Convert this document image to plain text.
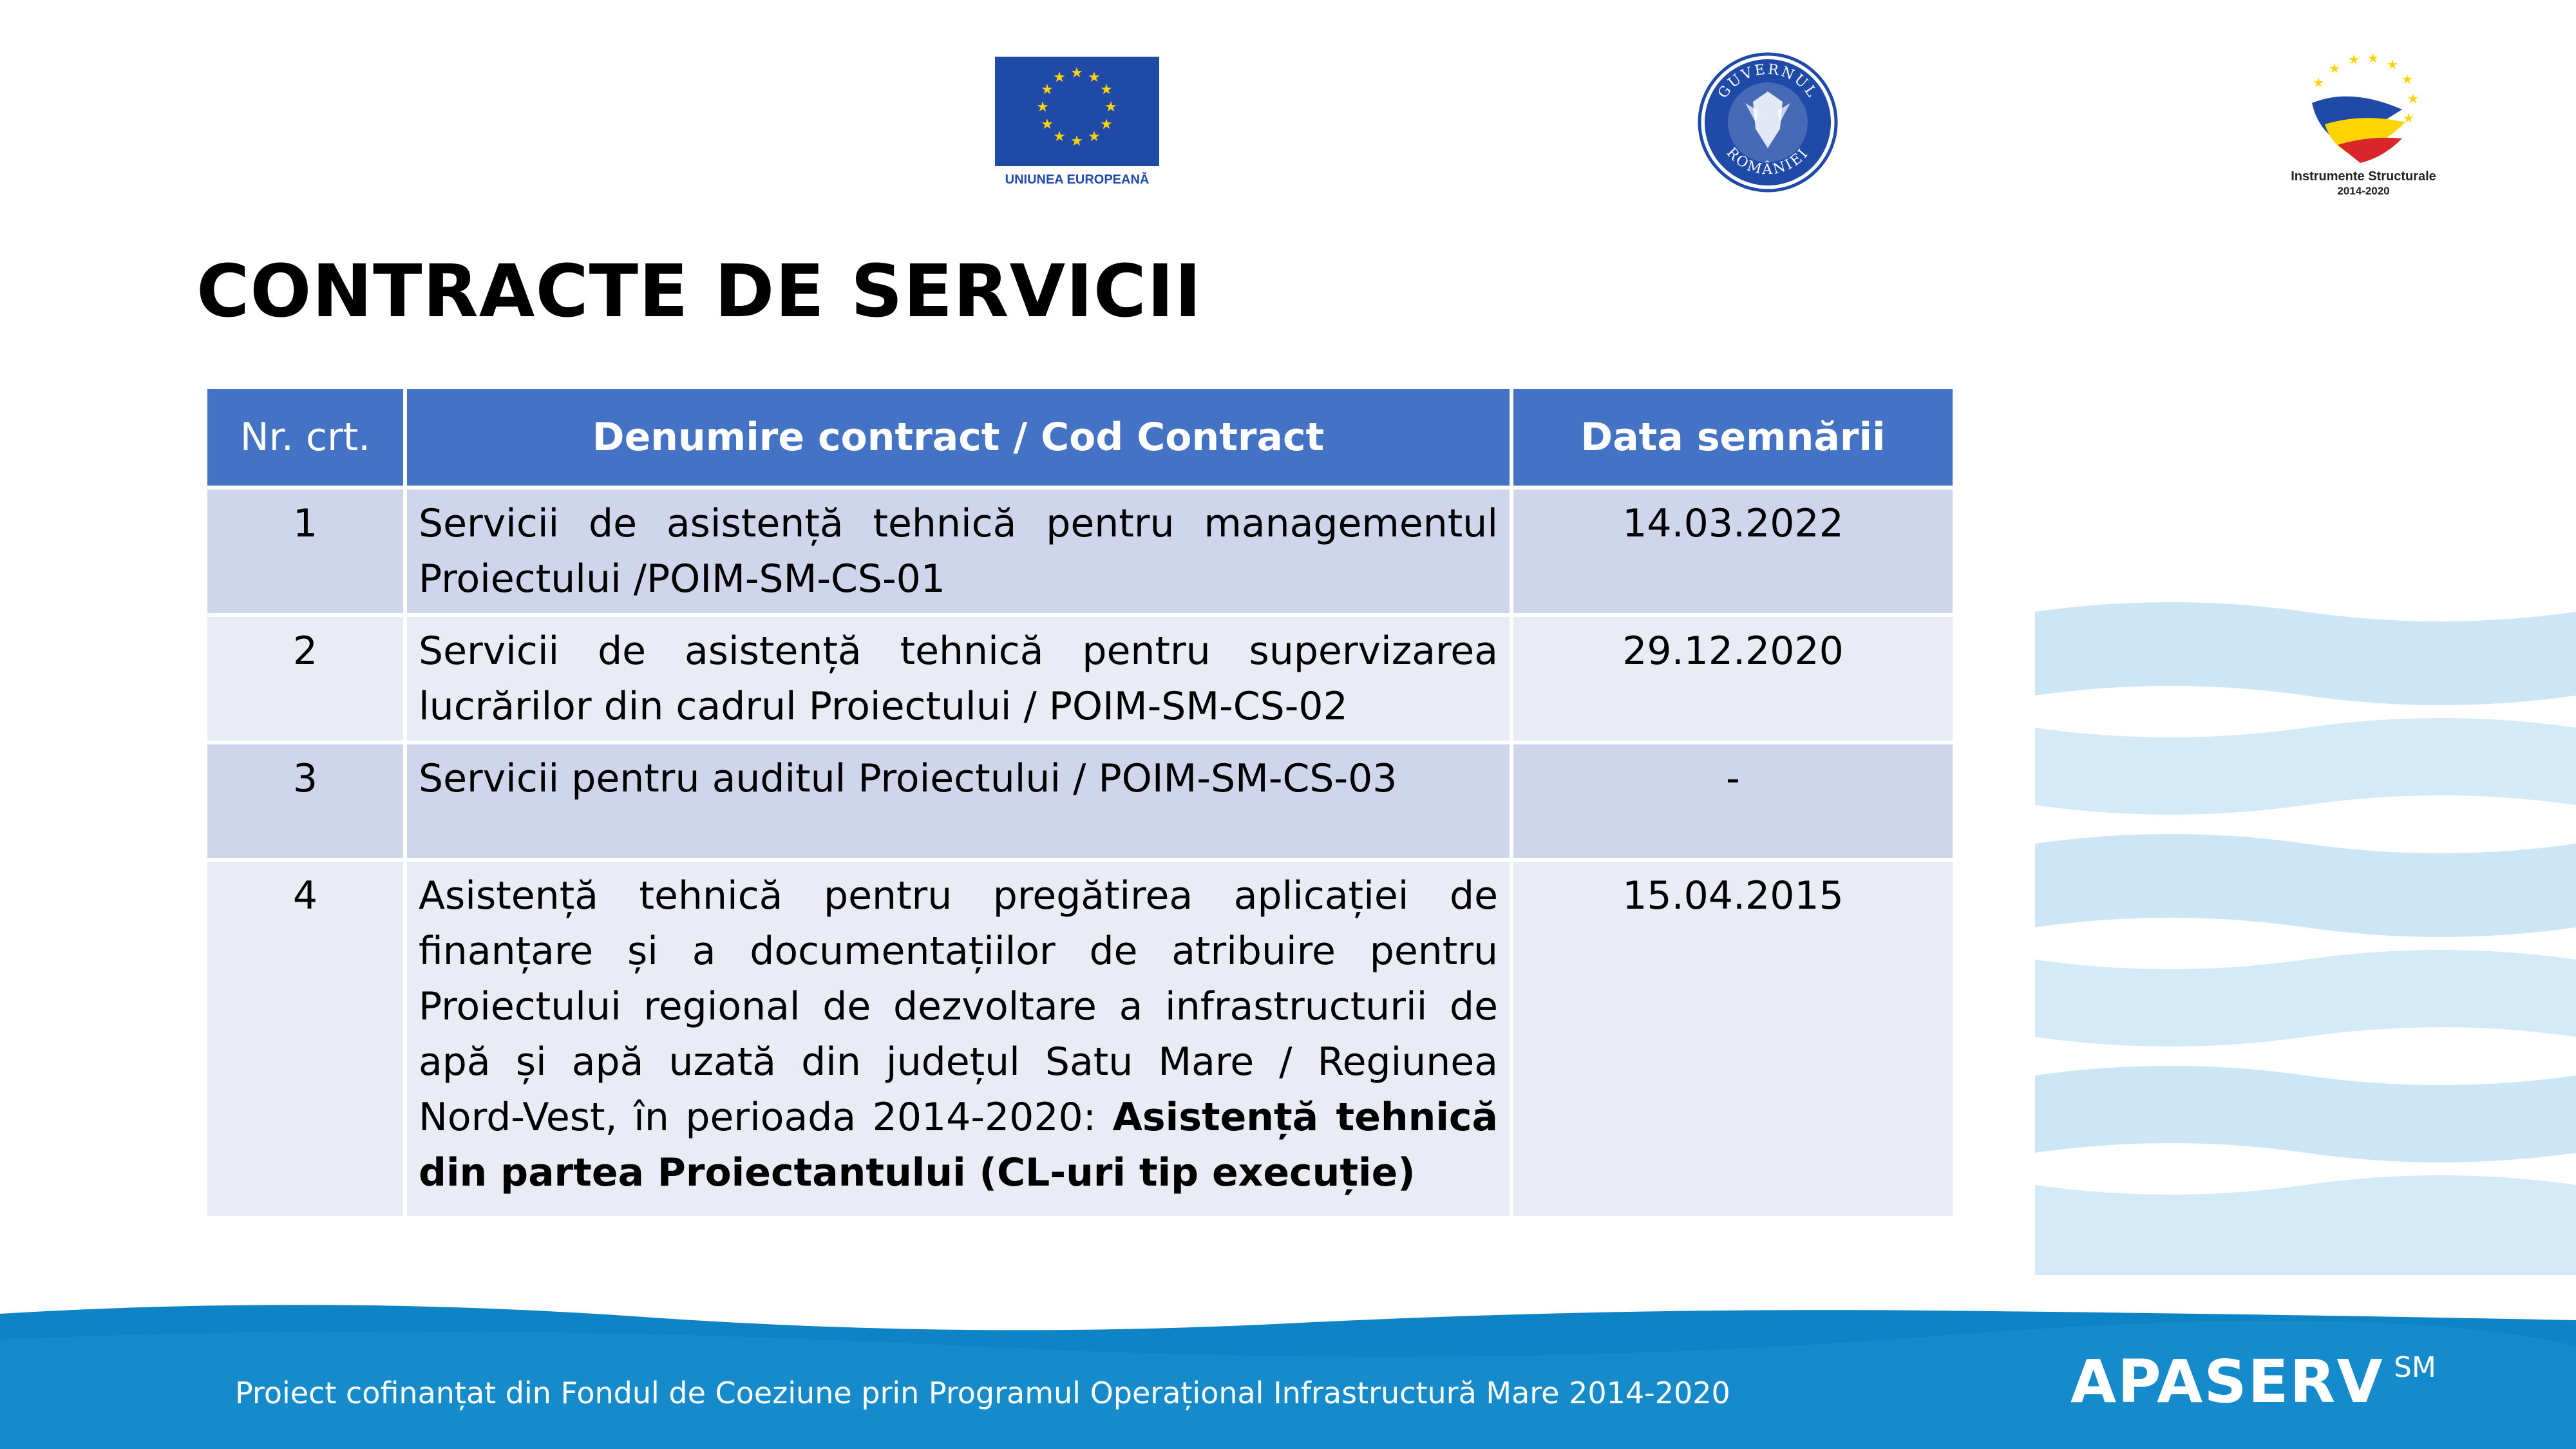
★ ★
★
★
★
★
★
★
★
★
★
★
UNIUNEA EUROPEANĂ
GUVERNUL
ROMÂNIEI
★
★ ★ ★
★
★
★
★
Instrumente Structurale
2014-2020
CONTRACTE DE SERVICII
Nr. crt.	Denumire contract / Cod Contract	Data semnării
1	Servicii de asistență tehnică pentru managementul Proiectului /POIM-SM-CS-01	14.03.2022
2	Servicii de asistență tehnică pentru supervizarea lucrărilor din cadrul Proiectului / POIM-SM-CS-02	29.12.2020
3	Servicii pentru auditul Proiectului / POIM-SM-CS-03	-
4	Asistență tehnică pentru pregătirea aplicației de finanțare și a documentațiilor de atribuire pentru Proiectului regional de dezvoltare a infrastructurii de apă și apă uzată din județul Satu Mare / Regiunea Nord-Vest, în perioada 2014-2020: Asistență tehnică din partea Proiectantului (CL-uri tip execuție)	15.04.2015
Proiect cofinanțat din Fondul de Coeziune prin Programul Operațional Infrastructură Mare 2014-2020	APASERV SM
